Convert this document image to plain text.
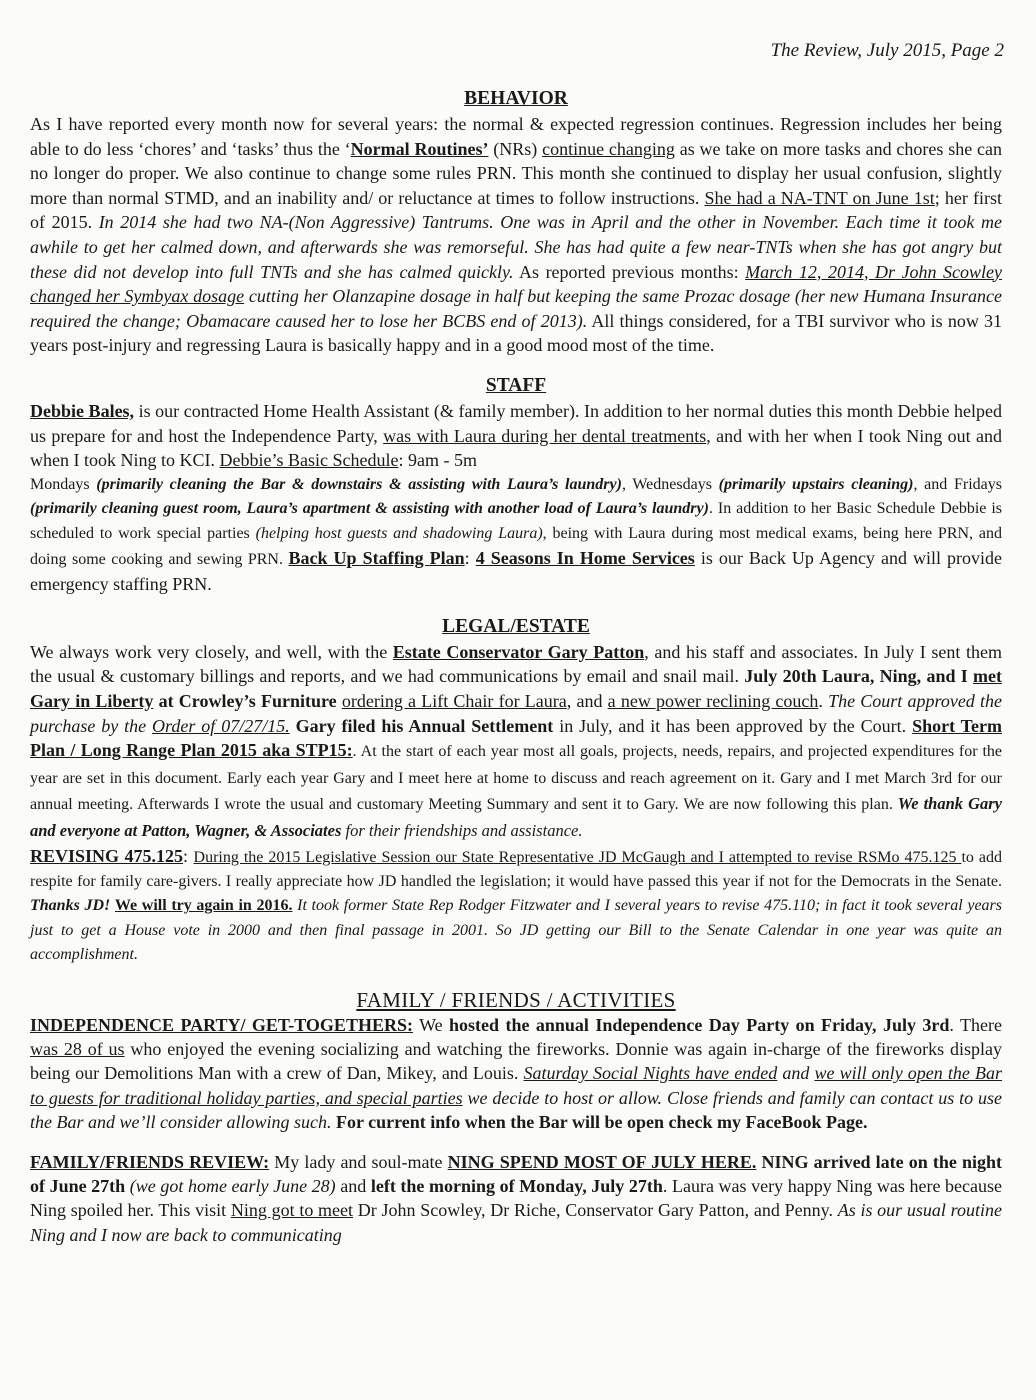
The Review, July 2015, Page 2
BEHAVIOR

As I have reported every month now for several years: the normal & expected regression continues. Regression includes her being able to do less ‘chores’ and ‘tasks’ thus the ‘Normal Routines’ (NRs) continue changing as we take on more tasks and chores she can no longer do proper. We also continue to change some rules PRN. This month she continued to display her usual confusion, slightly more than normal STMD, and an inability and/ or reluctance at times to follow instructions. She had a NA-TNT on June 1st; her first of 2015. In 2014 she had two NA-(Non Aggressive) Tantrums. One was in April and the other in November. Each time it took me awhile to get her calmed down, and afterwards she was remorseful. She has had quite a few near-TNTs when she has got angry but these did not develop into full TNTs and she has calmed quickly. As reported previous months: March 12, 2014, Dr John Scowley changed her Symbyax dosage cutting her Olanzapine dosage in half but keeping the same Prozac dosage (her new Humana Insurance required the change; Obamacare caused her to lose her BCBS end of 2013). All things considered, for a TBI survivor who is now 31 years post-injury and regressing Laura is basically happy and in a good mood most of the time.

STAFF

Debbie Bales, is our contracted Home Health Assistant (& family member). In addition to her normal duties this month Debbie helped us prepare for and host the Independence Party, was with Laura during her dental treatments, and with her when I took Ning out and when I took Ning to KCI. Debbie’s Basic Schedule: 9am - 5m

Mondays (primarily cleaning the Bar & downstairs & assisting with Laura’s laundry), Wednesdays (primarily upstairs cleaning), and Fridays (primarily cleaning guest room, Laura’s apartment & assisting with another load of Laura’s laundry). In addition to her Basic Schedule Debbie is scheduled to work special parties (helping host guests and shadowing Laura), being with Laura during most medical exams, being here PRN, and doing some cooking and sewing PRN. Back Up Staffing Plan: 4 Seasons In Home Services is our Back Up Agency and will provide emergency staffing PRN.

LEGAL/ESTATE

We always work very closely, and well, with the Estate Conservator Gary Patton, and his staff and associates. In July I sent them the usual & customary billings and reports, and we had communications by email and snail mail. July 20th Laura, Ning, and I met Gary in Liberty at Crowley’s Furniture ordering a Lift Chair for Laura, and a new power reclining couch. The Court approved the purchase by the Order of 07/27/15. Gary filed his Annual Settlement in July, and it has been approved by the Court. Short Term Plan / Long Range Plan 2015 aka STP15:. At the start of each year most all goals, projects, needs, repairs, and projected expenditures for the year are set in this document. Early each year Gary and I meet here at home to discuss and reach agreement on it. Gary and I met March 3rd for our annual meeting. Afterwards I wrote the usual and customary Meeting Summary and sent it to Gary. We are now following this plan. We thank Gary and everyone at Patton, Wagner, & Associates for their friendships and assistance.

REVISING 475.125: During the 2015 Legislative Session our State Representative JD McGaugh and I attempted to revise RSMo 475.125 to add respite for family care-givers. I really appreciate how JD handled the legislation; it would have passed this year if not for the Democrats in the Senate. Thanks JD! We will try again in 2016. It took former State Rep Rodger Fitzwater and I several years to revise 475.110; in fact it took several years just to get a House vote in 2000 and then final passage in 2001. So JD getting our Bill to the Senate Calendar in one year was quite an accomplishment.

FAMILY / FRIENDS / ACTIVITIES

INDEPENDENCE PARTY/ GET-TOGETHERS: We hosted the annual Independence Day Party on Friday, July 3rd. There was 28 of us who enjoyed the evening socializing and watching the fireworks. Donnie was again in-charge of the fireworks display being our Demolitions Man with a crew of Dan, Mikey, and Louis. Saturday Social Nights have ended and we will only open the Bar to guests for traditional holiday parties, and special parties we decide to host or allow. Close friends and family can contact us to use the Bar and we’ll consider allowing such. For current info when the Bar will be open check my FaceBook Page.

FAMILY/FRIENDS REVIEW: My lady and soul-mate NING SPEND MOST OF JULY HERE. NING arrived late on the night of June 27th (we got home early June 28) and left the morning of Monday, July 27th. Laura was very happy Ning was here because Ning spoiled her. This visit Ning got to meet Dr John Scowley, Dr Riche, Conservator Gary Patton, and Penny. As is our usual routine Ning and I now are back to communicating
